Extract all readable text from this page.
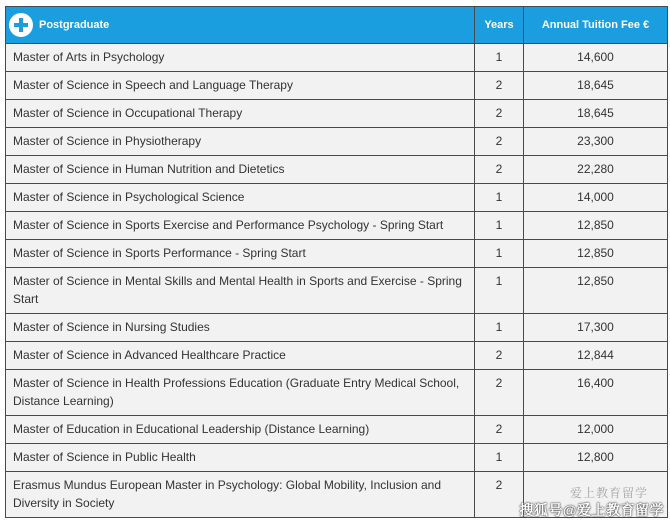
Postgraduate	Years	Annual Tuition Fee €
Master of Arts in Psychology	1	14,600
Master of Science in Speech and Language Therapy	2	18,645
Master of Science in Occupational Therapy	2	18,645
Master of Science in Physiotherapy	2	23,300
Master of Science in Human Nutrition and Dietetics	2	22,280
Master of Science in Psychological Science	1	14,000
Master of Science in Sports Exercise and Performance Psychology - Spring Start	1	12,850
Master of Science in Sports Performance - Spring Start	1	12,850
Master of Science in Mental Skills and Mental Health in Sports and Exercise - Spring Start	1	12,850
Master of Science in Nursing Studies	1	17,300
Master of Science in Advanced Healthcare Practice	2	12,844
Master of Science in Health Professions Education (Graduate Entry Medical School, Distance Learning)	2	16,400
Master of Education in Educational Leadership (Distance Learning)	2	12,000
Master of Science in Public Health	1	12,800
Erasmus Mundus European Master in Psychology: Global Mobility, Inclusion and Diversity in Society	2	
爱上教育留学
搜狐号@爱上教育留学
